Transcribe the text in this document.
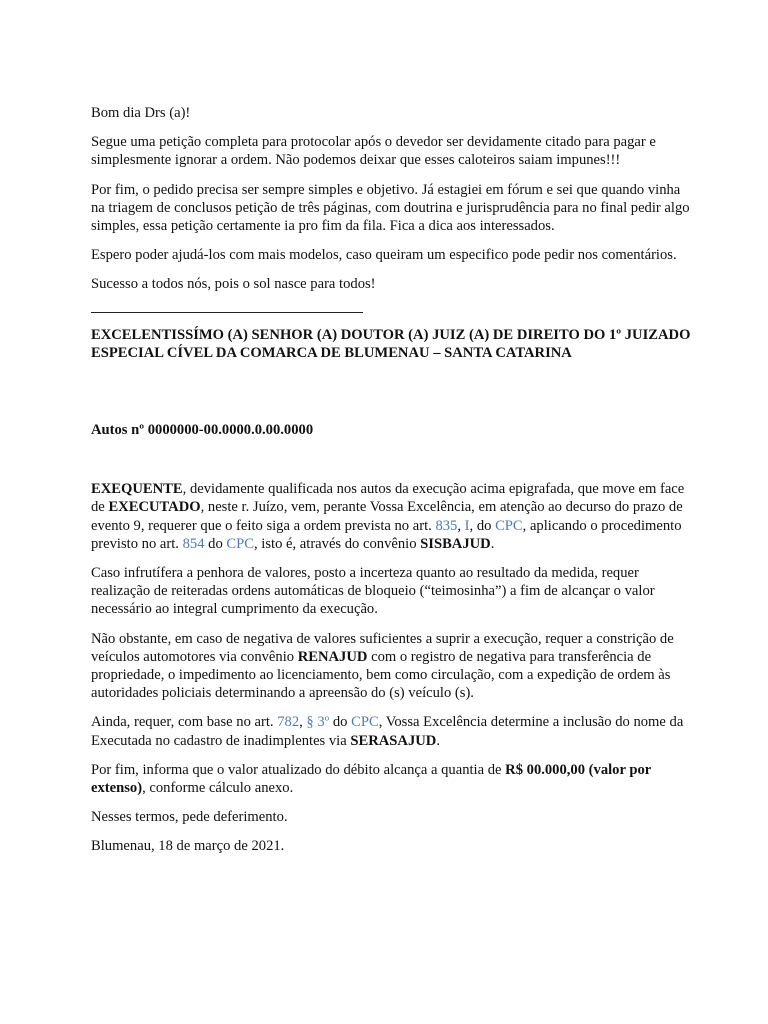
Bom dia Drs (a)!

Segue uma petição completa para protocolar após o devedor ser devidamente citado para pagar e simplesmente ignorar a ordem. Não podemos deixar que esses caloteiros saiam impunes!!!

Por fim, o pedido precisa ser sempre simples e objetivo. Já estagiei em fórum e sei que quando vinha na triagem de conclusos petição de três páginas, com doutrina e jurisprudência para no final pedir algo simples, essa petição certamente ia pro fim da fila. Fica a dica aos interessados.

Espero poder ajudá-los com mais modelos, caso queiram um especifico pode pedir nos comentários.

Sucesso a todos nós, pois o sol nasce para todos!

EXCELENTISSÍMO (A) SENHOR (A) DOUTOR (A) JUIZ (A) DE DIREITO DO 1º JUIZADO ESPECIAL CÍVEL DA COMARCA DE BLUMENAU – SANTA CATARINA

Autos nº 0000000-00.0000.0.00.0000

EXEQUENTE, devidamente qualificada nos autos da execução acima epigrafada, que move em face de EXECUTADO, neste r. Juízo, vem, perante Vossa Excelência, em atenção ao decurso do prazo de evento 9, requerer que o feito siga a ordem prevista no art. 835, I, do CPC, aplicando o procedimento previsto no art. 854 do CPC, isto é, através do convênio SISBAJUD.

Caso infrutífera a penhora de valores, posto a incerteza quanto ao resultado da medida, requer realização de reiteradas ordens automáticas de bloqueio (“teimosinha”) a fim de alcançar o valor necessário ao integral cumprimento da execução.

Não obstante, em caso de negativa de valores suficientes a suprir a execução, requer a constrição de veículos automotores via convênio RENAJUD com o registro de negativa para transferência de propriedade, o impedimento ao licenciamento, bem como circulação, com a expedição de ordem às autoridades policiais determinando a apreensão do (s) veículo (s).

Ainda, requer, com base no art. 782, § 3º do CPC, Vossa Excelência determine a inclusão do nome da Executada no cadastro de inadimplentes via SERASAJUD.

Por fim, informa que o valor atualizado do débito alcança a quantia de R$ 00.000,00 (valor por extenso), conforme cálculo anexo.

Nesses termos, pede deferimento.

Blumenau, 18 de março de 2021.
